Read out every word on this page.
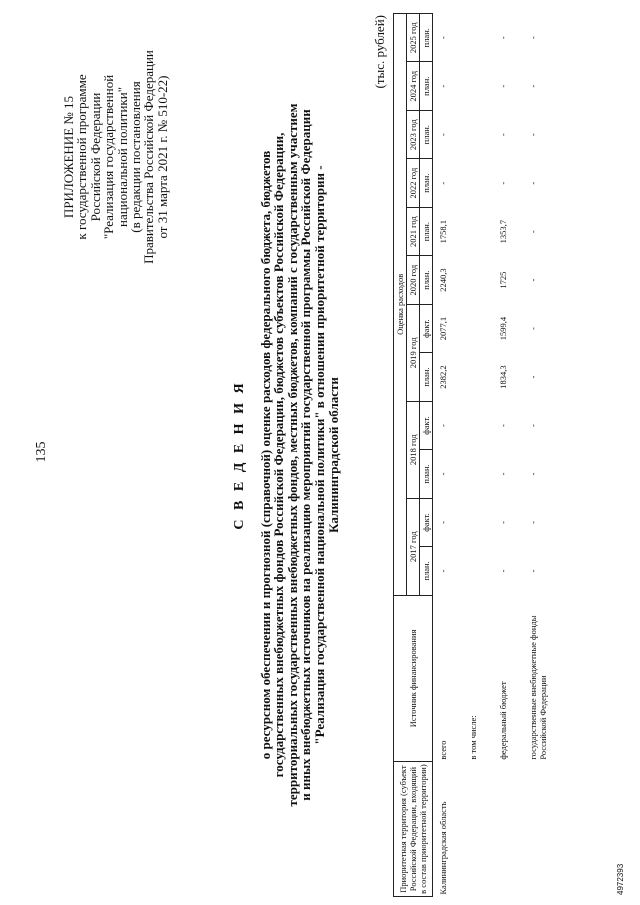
135
ПРИЛОЖЕНИЕ № 15
к государственной программе
Российской Федерации
"Реализация государственной
национальной политики"
(в редакции постановления
Правительства Российской Федерации
от 31 марта 2021 г. № 510-22)
С В Е Д Е Н И Я о ресурсном обеспечении и прогнозной (справочной) оценке расходов федерального бюджета, бюджетов
государственных внебюджетных фондов Российской Федерации, бюджетов субъектов Российской Федерации,
территориальных государственных внебюджетных фондов, местных бюджетов, компаний с государственным участием
и иных внебюджетных источников на реализацию мероприятий государственной программы Российской Федерации
"Реализация государственной национальной политики" в отношении приоритетной территории -
Калининградской области
(тыс. рублей)
Приоритетная территория (субъект Российской Федерации, входящий в состав приоритетной территории)	Источник финансирования	Оценка расходов											
		2017 год		2018 год		2019 год		2020 год	2021 год	2022 год	2023 год	2024 год	2025 год
		план.	факт.	план.	факт.	план.	факт.	план.	план.	план.	план.	план.	план.
Калининградская область	всего	-	-	-	-	2382,2	2077,1	2240,3	1758,1	-	-	-	-
	в том числе:												
	федеральный бюджет	-	-	-	-	1834,3	1599,4	1725	1353,7	-	-	-	-
	государственные внебюджетные фонды Российской Федерации	-	-	-	-	-	-	-	-	-	-	-	-
4972393
